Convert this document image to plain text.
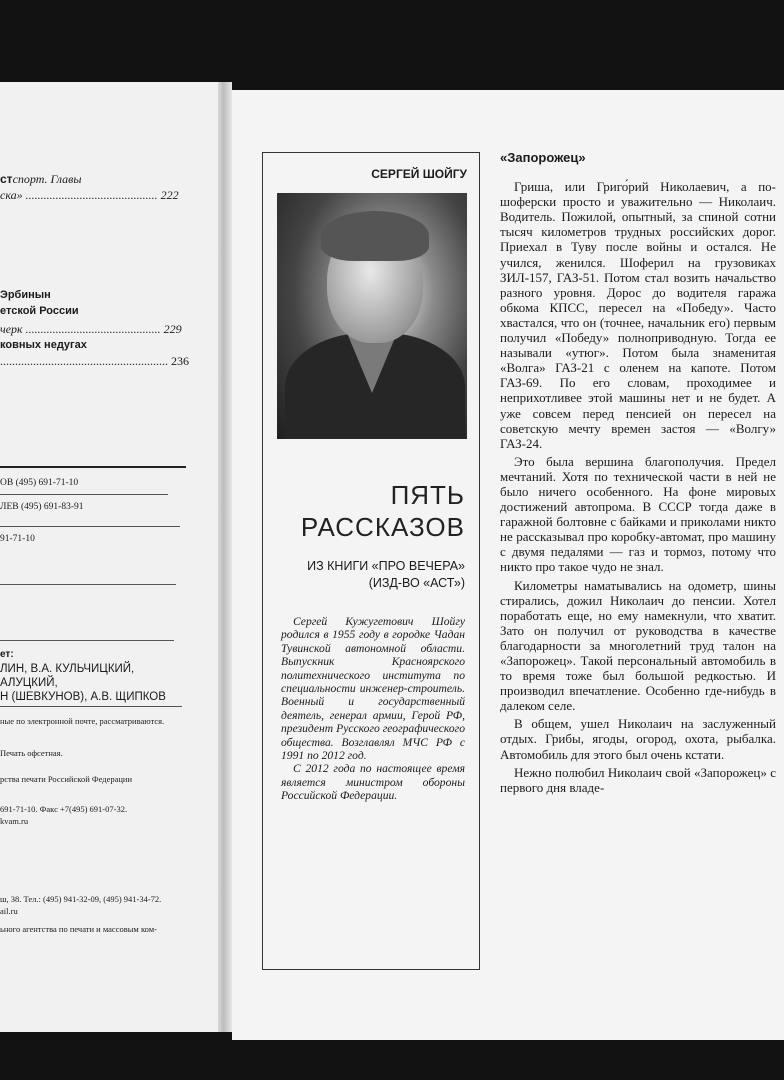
стспорт. Главы
ска» ............................................ 222
Эрбинын
етской России
черк ............................................. 229
ковных недугах
........................................................ 236
ОВ (495) 691-71-10
ЛЕВ (495) 691-83-91
91-71-10
ет:
ЛИН, В.А. КУЛЬЧИЦКИЙ,
АЛУЦКИЙ,
Н (ШЕВКУНОВ), А.В. ЩИПКОВ
ные по электронной почте, рассматриваются.
Печать офсетная.
рства печати Российской Федерации
691-71-10. Факс +7(495) 691-07-32.
kvam.ru
ш, 38. Тел.: (495) 941-32-09, (495) 941-34-72.
ail.ru
ьного агентства по печати и массовым ком-
СЕРГЕЙ ШОЙГУ
ПЯТЬ
РАССКАЗОВ
ИЗ КНИГИ «ПРО ВЕЧЕРА»
(ИЗД-ВО «АСТ»)

Сергей Кужугетович Шойгу родился в 1955 году в городке Чадан Тувинской автономной области. Выпускник Красноярского политехнического института по специальности инженер-строитель. Военный и государственный деятель, генерал армии, Герой РФ, президент Русского географического общества. Возглавлял МЧС РФ с 1991 по 2012 год.

С 2012 года по настоящее время является министром обороны Российской Федерации.

«Запорожец»

Гриша, или Григо́рий Николаевич, а по-шоферски просто и уважительно — Николаич. Водитель. Пожилой, опытный, за спиной сотни тысяч километров трудных российских дорог. Приехал в Туву после войны и остался. Не учился, женился. Шоферил на грузовиках ЗИЛ-157, ГАЗ-51. Потом стал возить начальство разного уровня. Дорос до водителя гаража обкома КПСС, пересел на «Победу». Часто хвастался, что он (точнее, начальник его) первым получил «Победу» полноприводную. Тогда ее называли «утюг». Потом была знаменитая «Волга» ГАЗ-21 с оленем на капоте. Потом ГАЗ-69. По его словам, проходимее и неприхотливее этой машины нет и не будет. А уже совсем перед пенсией он пересел на советскую мечту времен застоя — «Волгу» ГАЗ-24.

Это была вершина благополучия. Предел мечтаний. Хотя по технической части в ней не было ничего особенного. На фоне мировых достижений автопрома. В СССР тогда даже в гаражной болтовне с байками и приколами никто не рассказывал про коробку-автомат, про машину с двумя педалями — газ и тормоз, потому что никто про такое чудо не знал.

Километры наматывались на одометр, шины стирались, дожил Николаич до пенсии. Хотел поработать еще, но ему намекнули, что хватит. Зато он получил от руководства в качестве благодарности за многолетний труд талон на «Запорожец». Такой персональный автомобиль в то время тоже был большой редкостью. И производил впечатление. Особенно где-нибудь в далеком селе.

В общем, ушел Николаич на заслуженный отдых. Грибы, ягоды, огород, охота, рыбалка. Автомобиль для этого был очень кстати.

Нежно полюбил Николаич свой «Запорожец» с первого дня владе-
